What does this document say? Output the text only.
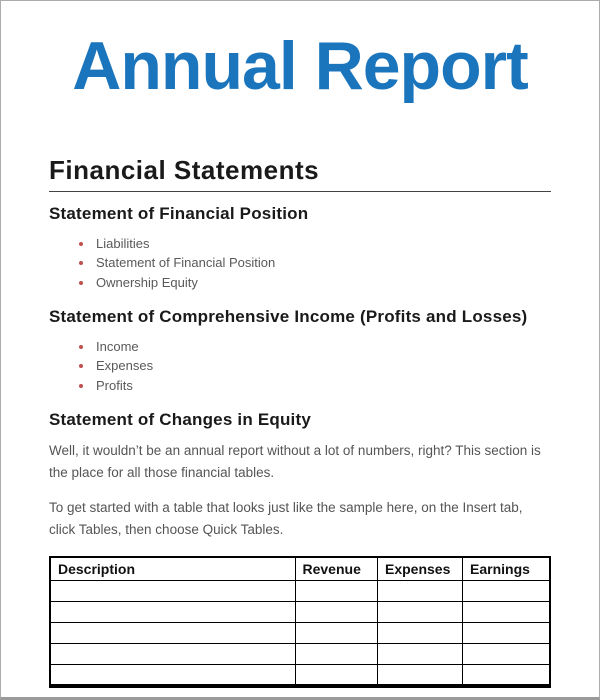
Annual Report
Financial Statements
Statement of Financial Position
Liabilities
Statement of Financial Position
Ownership Equity
Statement of Comprehensive Income (Profits and Losses)
Income
Expenses
Profits
Statement of Changes in Equity

Well, it wouldn’t be an annual report without a lot of numbers, right? This section is the place for all those financial tables.

To get started with a table that looks just like the sample here, on the Insert tab, click Tables, then choose Quick Tables.

Description	Revenue	Expenses	Earnings
